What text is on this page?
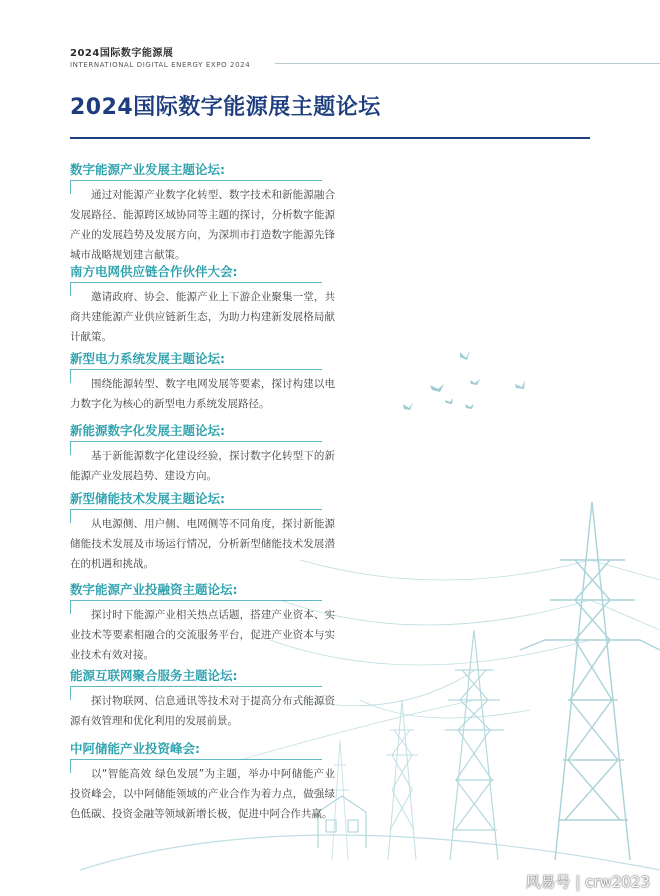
2024国际数字能源展
INTERNATIONAL DIGITAL ENERGY EXPO 2024
2024国际数字能源展主题论坛
数字能源产业发展主题论坛:
通过对能源产业数字化转型、数字技术和新能源融合发展路径、能源跨区域协同等主题的探讨，分析数字能源产业的发展趋势及发展方向，为深圳市打造数字能源先锋城市战略规划建言献策。
南方电网供应链合作伙伴大会:
邀请政府、协会、能源产业上下游企业聚集一堂，共商共建能源产业供应链新生态，为助力构建新发展格局献计献策。
新型电力系统发展主题论坛:
围绕能源转型、数字电网发展等要素，探讨构建以电力数字化为核心的新型电力系统发展路径。
新能源数字化发展主题论坛:
基于新能源数字化建设经验，探讨数字化转型下的新能源产业发展趋势、建设方向。
新型储能技术发展主题论坛:
从电源侧、用户侧、电网侧等不同角度，探讨新能源储能技术发展及市场运行情况，分析新型储能技术发展潜在的机遇和挑战。
数字能源产业投融资主题论坛:
探讨时下能源产业相关热点话题，搭建产业资本、实业技术等要素相融合的交流服务平台，促进产业资本与实业技术有效对接。
能源互联网聚合服务主题论坛:
探讨物联网、信息通讯等技术对于提高分布式能源资源有效管理和优化利用的发展前景。
中阿储能产业投资峰会:
以“智能高效 绿色发展”为主题，举办中阿储能产业投资峰会，以中阿储能领域的产业合作为着力点，做强绿色低碳、投资金融等领域新增长极，促进中阿合作共赢。
风易号 | crw2023
